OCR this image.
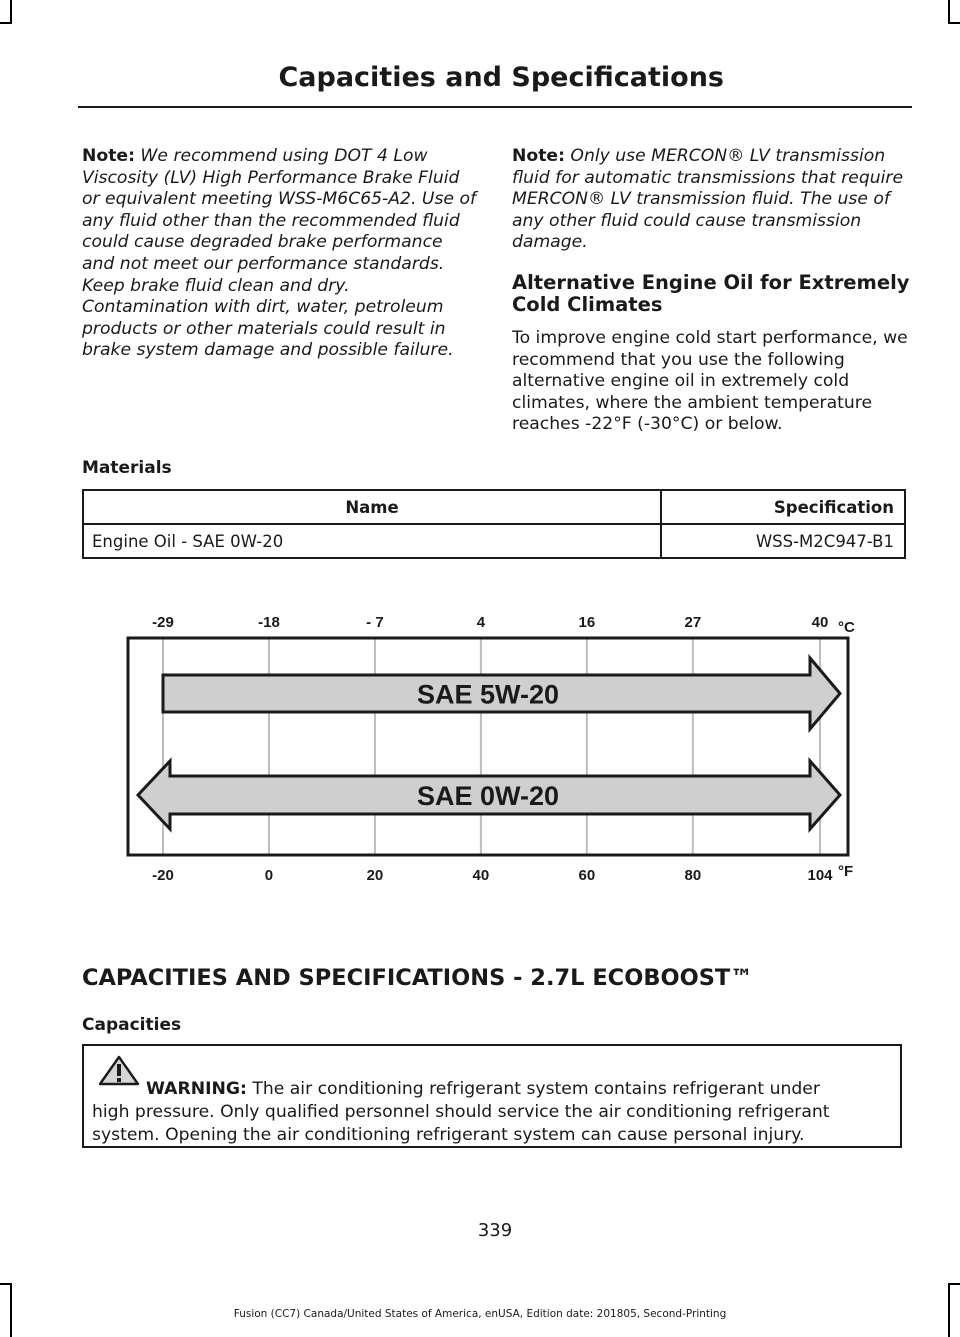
Capacities and Specifications
Note: We recommend using DOT 4 Low Viscosity (LV) High Performance Brake Fluid or equivalent meeting WSS-M6C65-A2. Use of any fluid other than the recommended fluid could cause degraded brake performance and not meet our performance standards. Keep brake fluid clean and dry. Contamination with dirt, water, petroleum products or other materials could result in brake system damage and possible failure.
Note: Only use MERCON® LV transmission fluid for automatic transmissions that require MERCON® LV transmission fluid. The use of any other fluid could cause transmission damage.
Alternative Engine Oil for Extremely Cold Climates
To improve engine cold start performance, we recommend that you use the following alternative engine oil in extremely cold climates, where the ambient temperature reaches -22°F (-30°C) or below.
Materials
Name	Specification
Engine Oil - SAE 0W-20	WSS-M2C947-B1
-29	-18	- 7	4	16	27	40
-20	0	20	40	60	80	104
°C
°F
SAE 5W-20
SAE 0W-20
CAPACITIES AND SPECIFICATIONS - 2.7L ECOBOOST™
Capacities
WARNING: The air conditioning refrigerant system contains refrigerant under
high pressure. Only qualified personnel should service the air conditioning refrigerant system. Opening the air conditioning refrigerant system can cause personal injury.
339
Fusion (CC7) Canada/United States of America, enUSA, Edition date: 201805, Second-Printing
